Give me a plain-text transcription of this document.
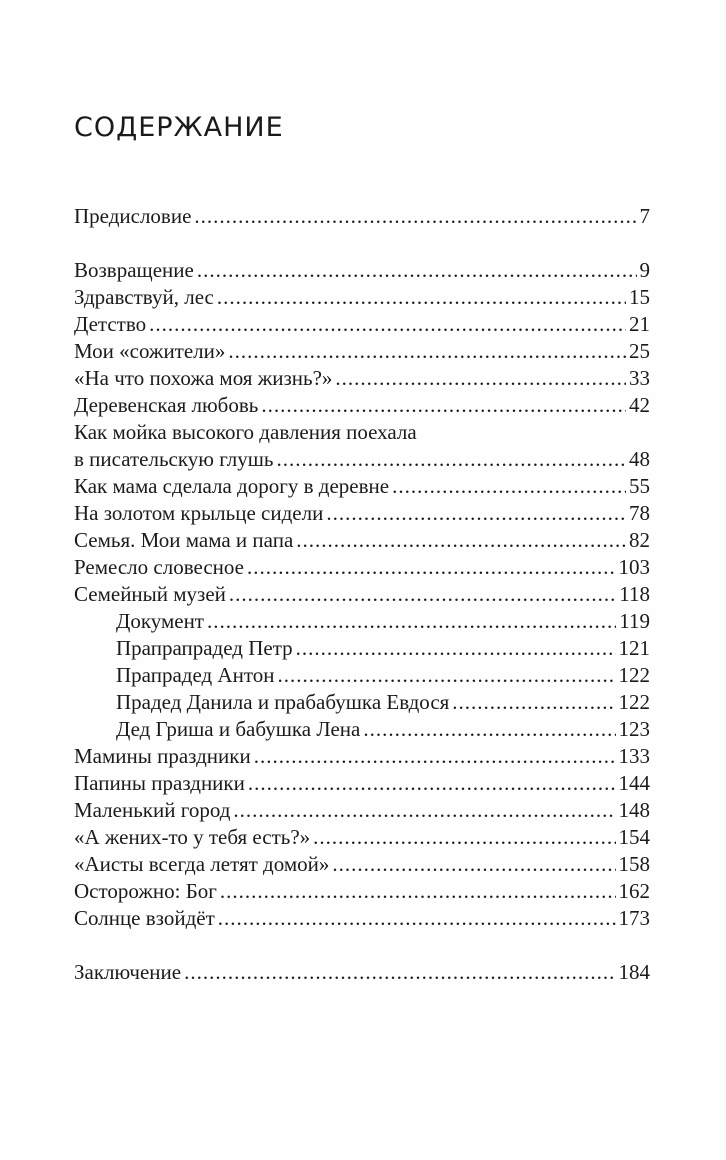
СОДЕРЖАНИЕ
Предисловие .....	7
Возвращение .....	9
Здравствуй, лес .....	15
Детство .....	21
Мои «сожители» .....	25
«На что похожа моя жизнь?» .....	33
Деревенская любовь .....	42
Как мойка высокого давления поехала
в писательскую глушь .....	48
Как мама сделала дорогу в деревне .....	55
На золотом крыльце сидели .....	78
Семья. Мои мама и папа .....	82
Ремесло словесное .....	103
Семейный музей .....	118
Документ .....	119
Прапрапрадед Петр .....	121
Прапрадед Антон .....	122
Прадед Данила и прабабушка Евдося .....	122
Дед Гриша и бабушка Лена .....	123
Мамины праздники .....	133
Папины праздники .....	144
Маленький город .....	148
«А жених-то у тебя есть?» .....	154
«Аисты всегда летят домой» .....	158
Осторожно: Бог .....	162
Солнце взойдёт .....	173
Заключение .....	184
